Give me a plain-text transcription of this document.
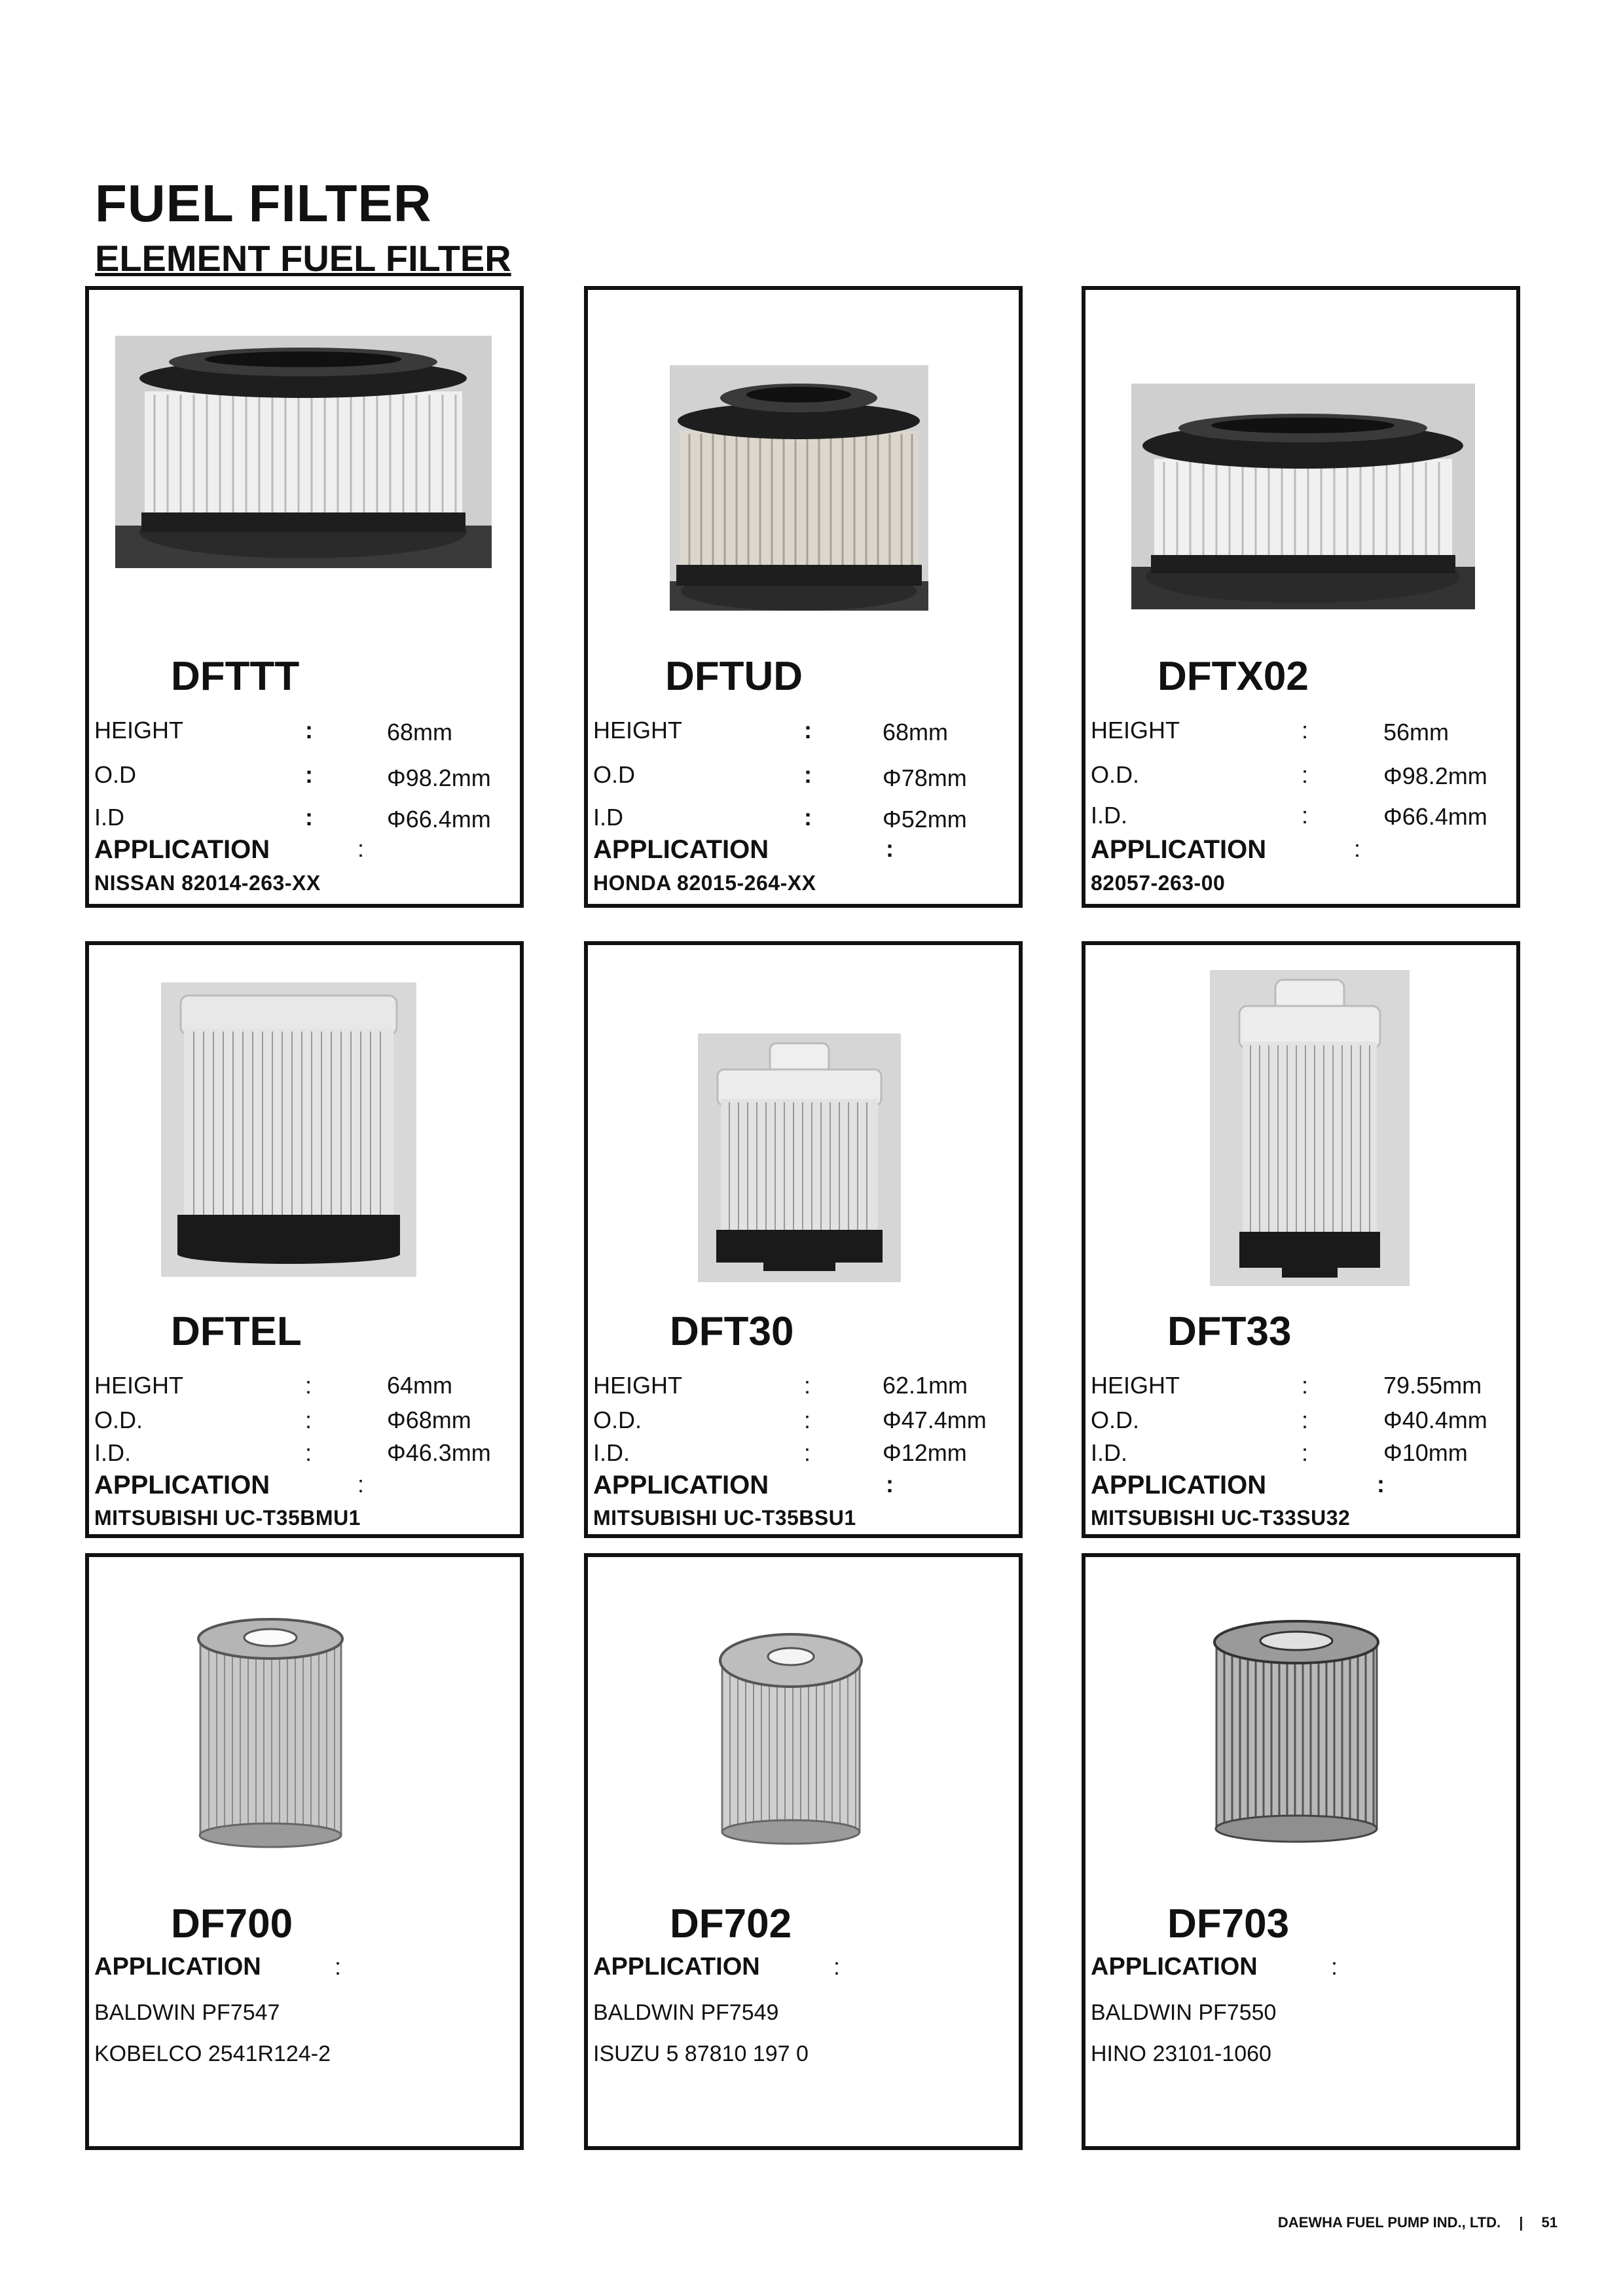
FUEL FILTER
ELEMENT FUEL FILTER
DFTTT
HEIGHT	:	68mm
O.D	:	Φ98.2mm
I.D	:	Φ66.4mm
APPLICATION	:
NISSAN 82014-263-XX
DFTUD
HEIGHT	:	68mm
O.D	:	Φ78mm
I.D	:	Φ52mm
APPLICATION	:
HONDA 82015-264-XX
DFTX02
HEIGHT	:	56mm
O.D.	:	Φ98.2mm
I.D.	:	Φ66.4mm
APPLICATION	:
82057-263-00
DFTEL
HEIGHT	:	64mm
O.D.	:	Φ68mm
I.D.	:	Φ46.3mm
APPLICATION	:
MITSUBISHI UC-T35BMU1
DFT30
HEIGHT	:	62.1mm
O.D.	:	Φ47.4mm
I.D.	:	Φ12mm
APPLICATION	:
MITSUBISHI UC-T35BSU1
DFT33
HEIGHT	:	79.55mm
O.D.	:	Φ40.4mm
I.D.	:	Φ10mm
APPLICATION	:
MITSUBISHI UC-T33SU32
DF700
APPLICATION	:
BALDWIN PF7547
KOBELCO 2541R124-2
DF702
APPLICATION	:
BALDWIN PF7549
ISUZU 5 87810 197 0
DF703
APPLICATION	:
BALDWIN PF7550
HINO 23101-1060
DAEWHA FUEL PUMP IND., LTD. | 51
